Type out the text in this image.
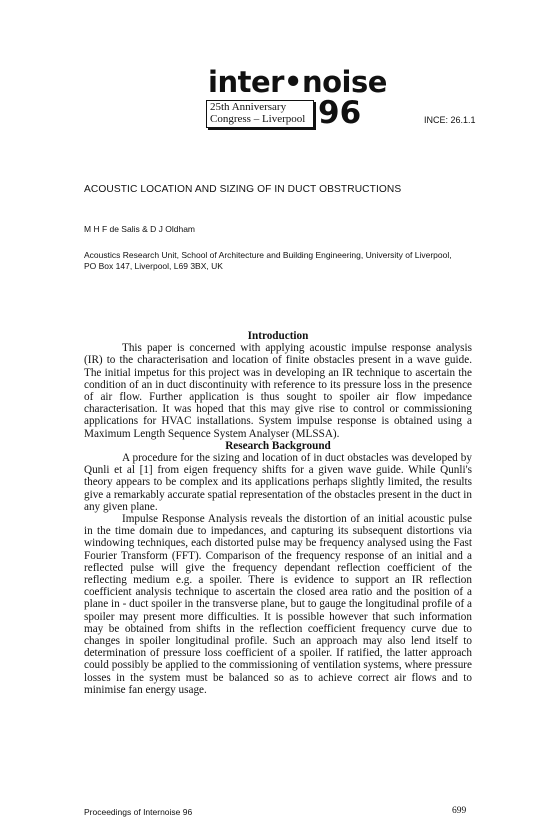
inter•noise
25th Anniversary
Congress – Liverpool 96	INCE: 26.1.1
ACOUSTIC LOCATION AND SIZING OF IN DUCT OBSTRUCTIONS
M H F de Salis & D J Oldham
Acoustics Research Unit, School of Architecture and Building Engineering, University of Liverpool,
PO Box 147, Liverpool, L69 3BX, UK
Introduction

This paper is concerned with applying acoustic impulse response analysis (IR) to the characterisation and location of finite obstacles present in a wave guide. The initial impetus for this project was in developing an IR technique to ascertain the condition of an in duct discontinuity with reference to its pressure loss in the presence of air flow. Further application is thus sought to spoiler air flow impedance characterisation. It was hoped that this may give rise to control or commissioning applications for HVAC installations. System impulse response is obtained using a Maximum Length Sequence System Analyser (MLSSA).

Research Background

A procedure for the sizing and location of in duct obstacles was developed by Qunli et al [1] from eigen frequency shifts for a given wave guide. While Qunli's theory appears to be complex and its applications perhaps slightly limited, the results give a remarkably accurate spatial representation of the obstacles present in the duct in any given plane.

Impulse Response Analysis reveals the distortion of an initial acoustic pulse in the time domain due to impedances, and capturing its subsequent distortions via windowing techniques, each distorted pulse may be frequency analysed using the Fast Fourier Transform (FFT). Comparison of the frequency response of an initial and a reflected pulse will give the frequency dependant reflection coefficient of the reflecting medium e.g. a spoiler. There is evidence to support an IR reflection coefficient analysis technique to ascertain the closed area ratio and the position of a plane in - duct spoiler in the transverse plane, but to gauge the longitudinal profile of a spoiler may present more difficulties. It is possible however that such information may be obtained from shifts in the reflection coefficient frequency curve due to changes in spoiler longitudinal profile. Such an approach may also lend itself to determination of pressure loss coefficient of a spoiler. If ratified, the latter approach could possibly be applied to the commissioning of ventilation systems, where pressure losses in the system must be balanced so as to achieve correct air flows and to minimise fan energy usage.

Proceedings of Internoise 96	699
